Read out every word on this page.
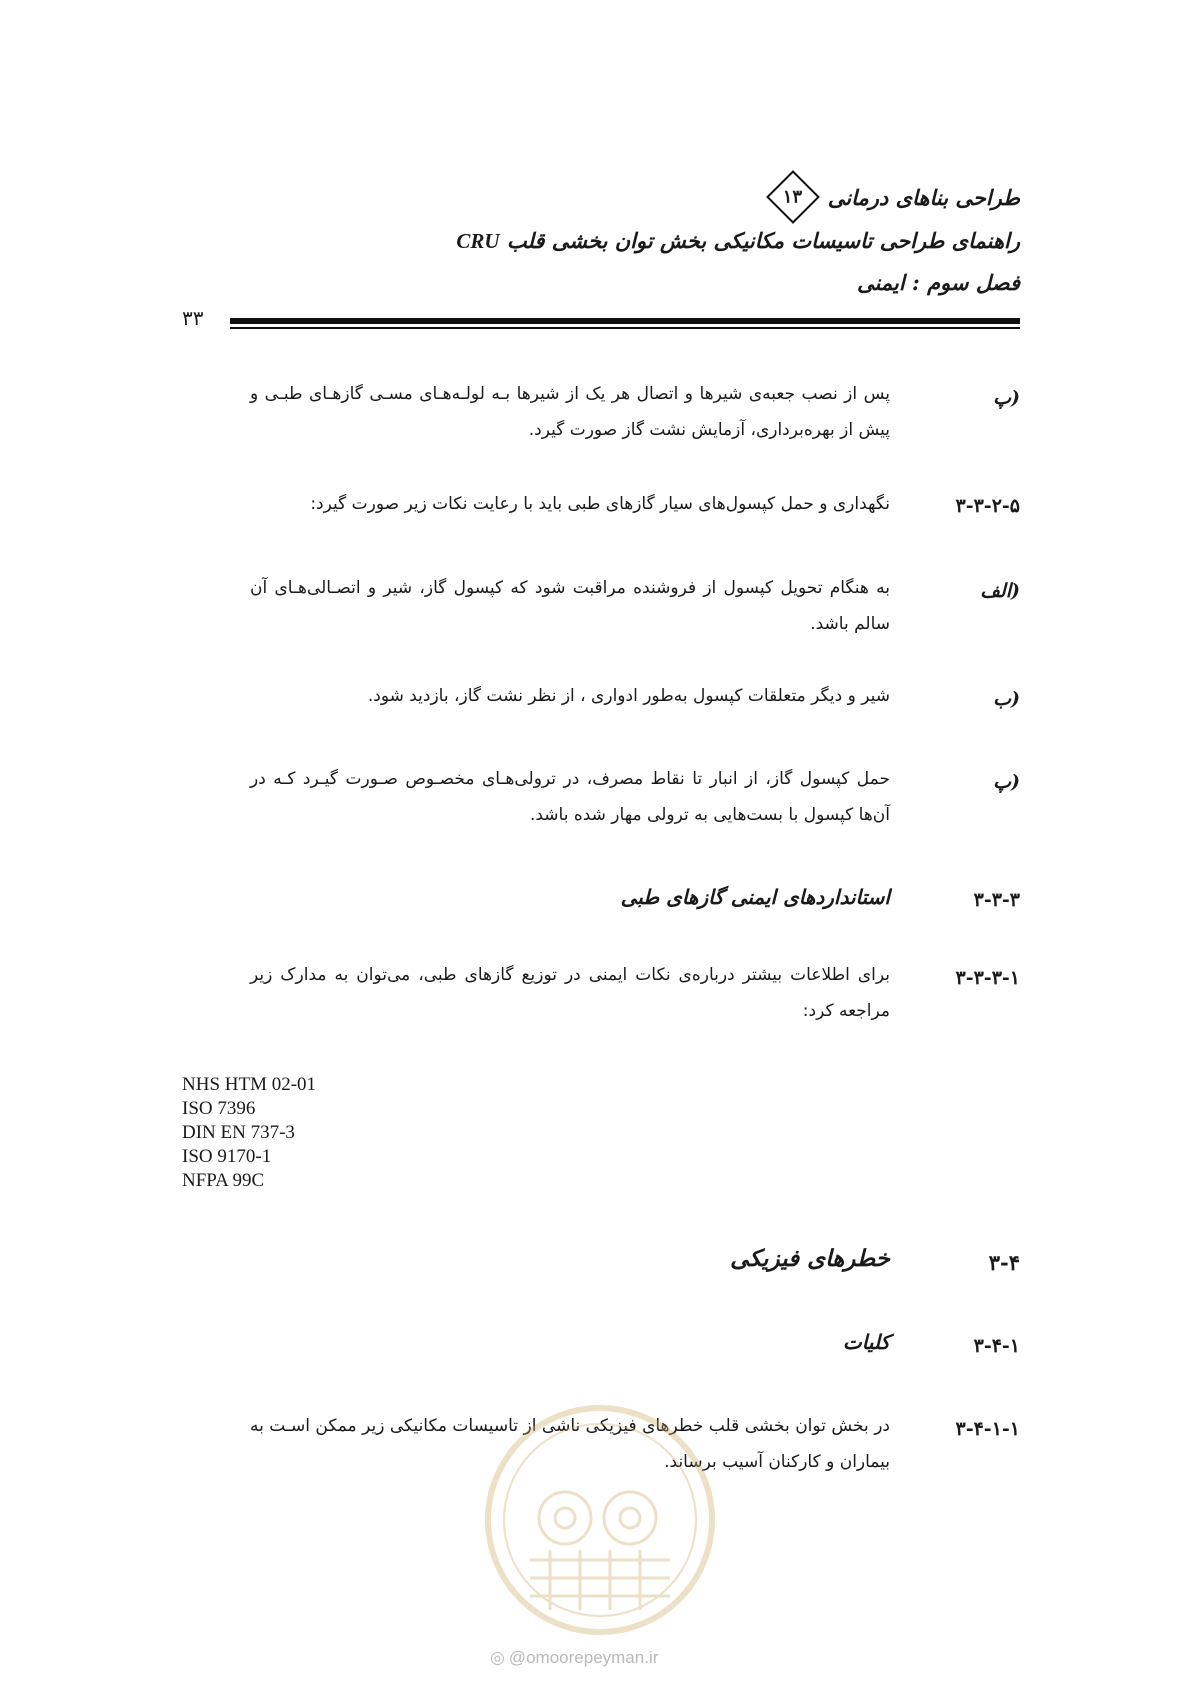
طراحی بناهای درمانی
۱۳
راهنمای طراحی تاسیسات مکانیکی بخش توان بخشی قلب CRU
فصل سوم : ایمنی
۳۳
پ)
پس از نصب جعبه‌ی شیرها و اتصال هر یک از شیرها بـه لولـه‌هـای مسـی گازهـای طبـی و پیش از بهره‌برداری، آزمایش نشت گاز صورت گیرد.
۳-۳-۲-۵
نگهداری و حمل کپسول‌های سیار گازهای طبی باید با رعایت نکات زیر صورت گیرد:
الف)
به هنگام تحویل کپسول از فروشنده مراقبت شود که کپسول گاز، شیر و اتصـالی‌هـای آن سالم باشد.
ب)
شیر و دیگر متعلقات کپسول به‌طور ادواری ، از نظر نشت گاز، بازدید شود.
پ)
حمل کپسول گاز، از انبار تا نقاط مصرف، در ترولی‌هـای مخصـوص صـورت گیـرد کـه در آن‌ها کپسول با بست‌هایی به ترولی مهار شده باشد.
۳-۳-۳
استانداردهای ایمنی گازهای طبی
۳-۳-۳-۱
برای اطلاعات بیشتر درباره‌ی نکات ایمنی در توزیع گازهای طبی، می‌توان به مدارک زیر مراجعه کرد:
NHS HTM 02-01
ISO 7396
DIN EN 737-3
ISO 9170-1
NFPA 99C
۳-۴
خطرهای فیزیکی
۳-۴-۱
کلیات
۳-۴-۱-۱
در بخش توان بخشی قلب خطرهای فیزیکی ناشی از تاسیسات مکانیکی زیر ممکن اسـت به بیماران و کارکنان آسیب برساند.
◎ @omoorepeyman.ir
